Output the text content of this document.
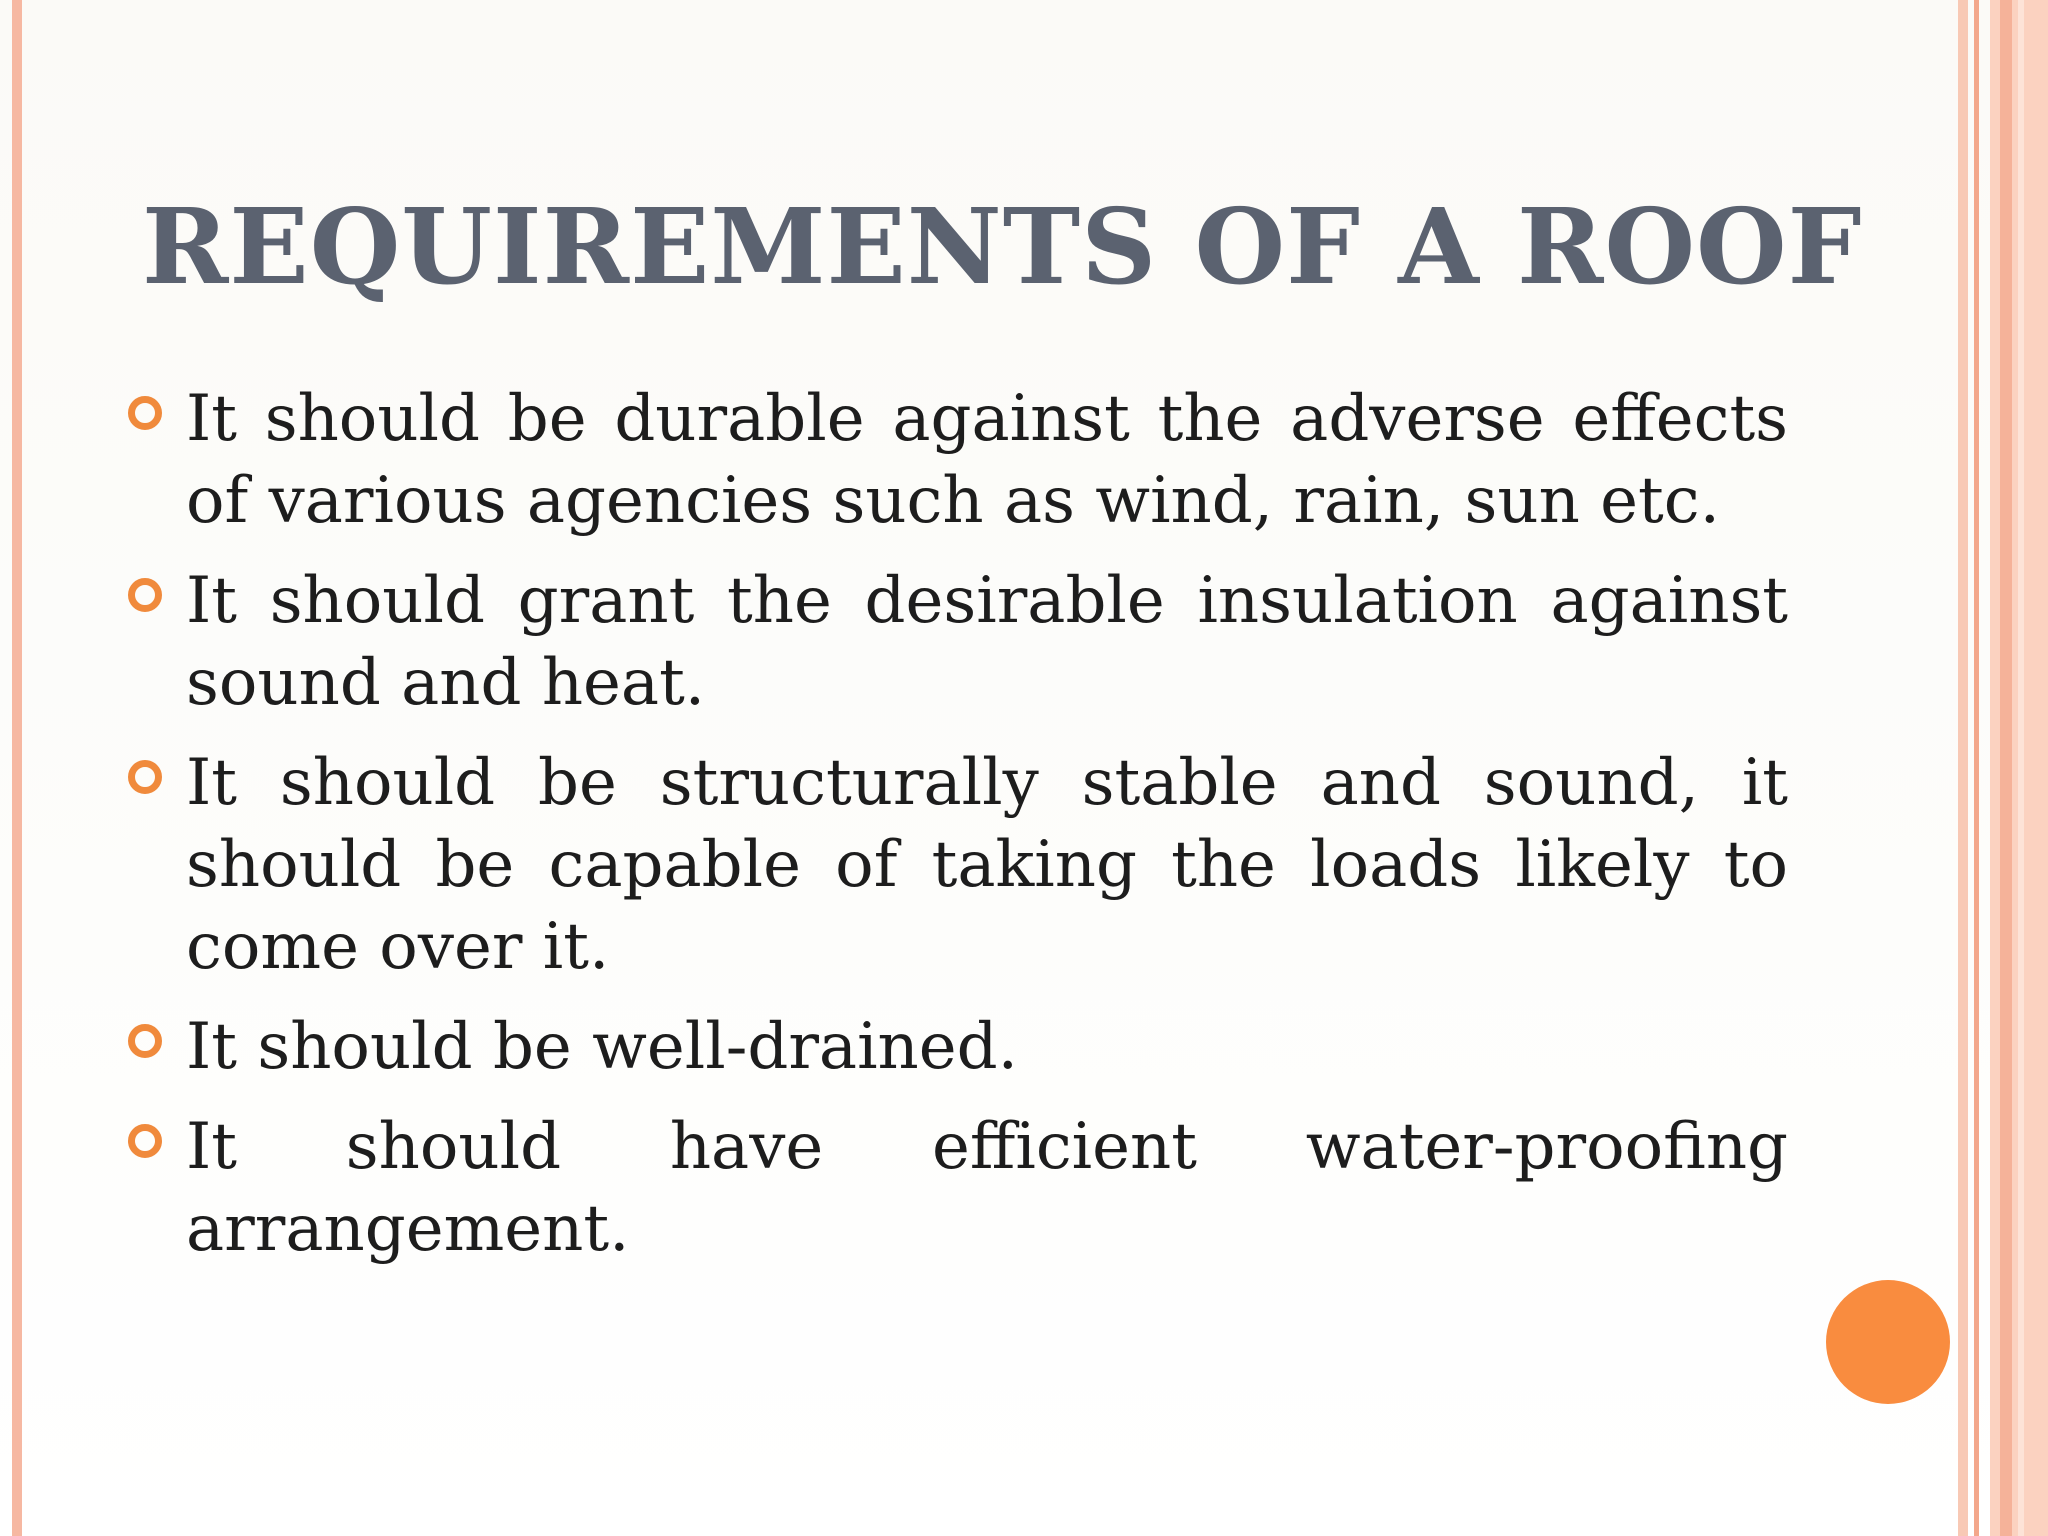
REQUIREMENTS OF A ROOF
It should be durable against the adverse effects of various agencies such as wind, rain, sun etc.
It should grant the desirable insulation against sound and heat.
It should be structurally stable and sound, it should be capable of taking the loads likely to come over it.
It should be well-drained.
It should have efficient water-proofing arrangement.
